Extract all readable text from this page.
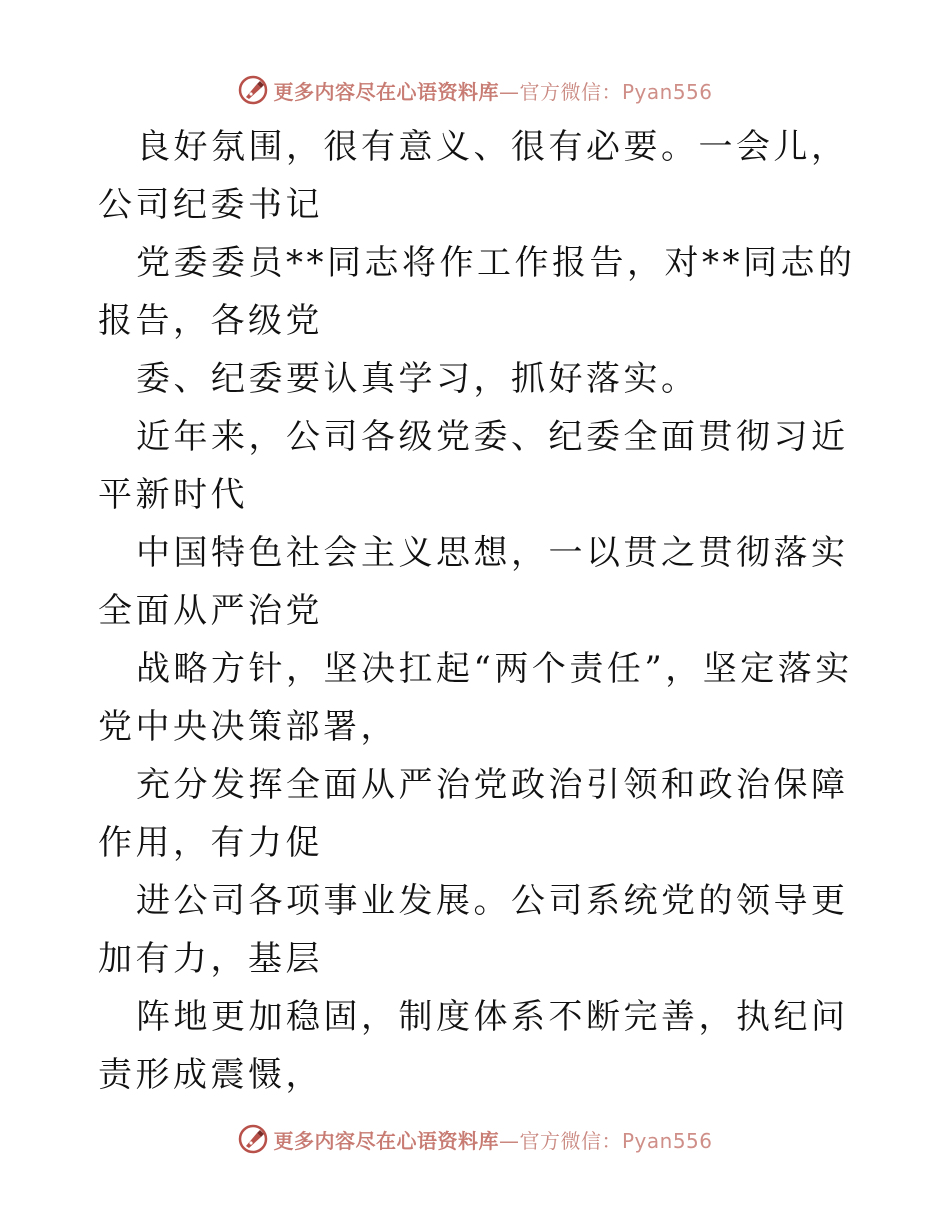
更多内容尽在心语资料库—官方微信：Pyan556

良好氛围，很有意义、很有必要。一会儿，公司纪委书记

党委委员**同志将作工作报告，对**同志的报告，各级党

委、纪委要认真学习，抓好落实。

近年来，公司各级党委、纪委全面贯彻习近平新时代

中国特色社会主义思想，一以贯之贯彻落实全面从严治党

战略方针，坚决扛起“两个责任”，坚定落实党中央决策部署，

充分发挥全面从严治党政治引领和政治保障作用，有力促

进公司各项事业发展。公司系统党的领导更加有力，基层

阵地更加稳固，制度体系不断完善，执纪问责形成震慑，

更多内容尽在心语资料库—官方微信：Pyan556
